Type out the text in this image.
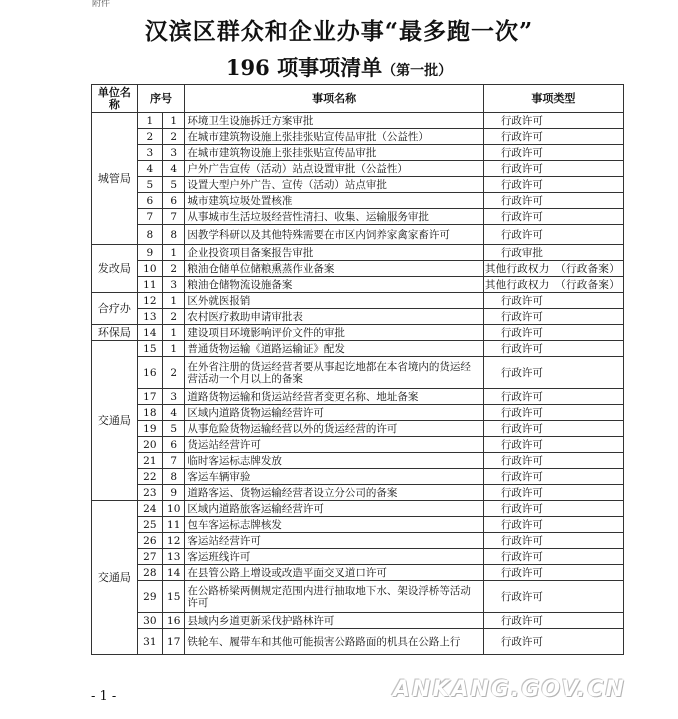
附件
汉滨区群众和企业办事“最多跑一次”
196 项事项清单（第一批）
单位名称	序号		事项名称	事项类型
城管局	1	1	环境卫生设施拆迁方案审批	行政许可
	2	2	在城市建筑物设施上张挂张贴宣传品审批（公益性）	行政许可
	3	3	在城市建筑物设施上张挂张贴宣传品审批	行政许可
	4	4	户外广告宣传（活动）站点设置审批（公益性）	行政许可
	5	5	设置大型户外广告、宣传（活动）站点审批	行政许可
	6	6	城市建筑垃圾处置核准	行政许可
	7	7	从事城市生活垃圾经营性清扫、收集、运输服务审批	行政许可
	8	8	因教学科研以及其他特殊需要在市区内饲养家禽家畜许可	行政许可
发改局	9	1	企业投资项目备案报告审批	行政审批
	10	2	粮油仓储单位储粮熏蒸作业备案	其他行政权力　（行政备案）
	11	3	粮油仓储物流设施备案	其他行政权力　（行政备案）
合疗办	12	1	区外就医报销	行政许可
	13	2	农村医疗救助申请审批表	行政许可
环保局	14	1	建设项目环境影响评价文件的审批	行政许可
交通局	15	1	普通货物运输《道路运输证》配发	行政许可
	16	2	在外省注册的货运经营者要从事起讫地都在本省境内的货运经营活动一个月以上的备案	行政许可
	17	3	道路货物运输和货运站经营者变更名称、地址备案	行政许可
	18	4	区域内道路货物运输经营许可	行政许可
	19	5	从事危险货物运输经营以外的货运经营的许可	行政许可
	20	6	货运站经营许可	行政许可
	21	7	临时客运标志牌发放	行政许可
	22	8	客运车辆审验	行政许可
	23	9	道路客运、货物运输经营者设立分公司的备案	行政许可
交通局	24	10	区域内道路旅客运输经营许可	行政许可
	25	11	包车客运标志牌核发	行政许可
	26	12	客运站经营许可	行政许可
	27	13	客运班线许可	行政许可
	28	14	在县管公路上增设或改造平面交叉道口许可	行政许可
	29	15	在公路桥梁两侧规定范围内进行抽取地下水、架设浮桥等活动许可	行政许可
	30	16	县域内乡道更新采伐护路林许可	行政许可
	31	17	铁轮车、履带车和其他可能损害公路路面的机具在公路上行	行政许可
- 1 -	ANKANG.GOV.CN
